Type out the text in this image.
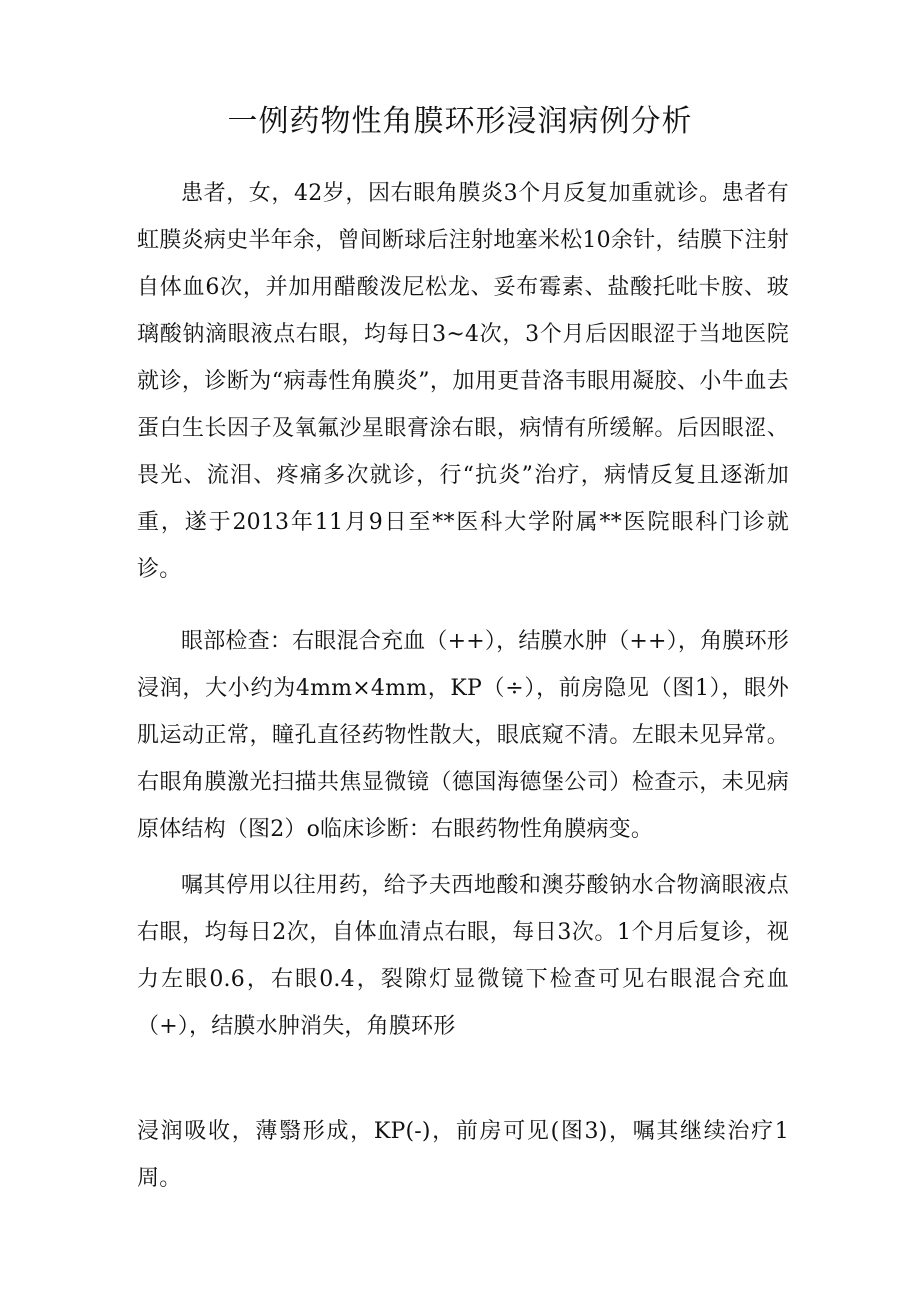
一例药物性角膜环形浸润病例分析

患者，女，42岁，因右眼角膜炎3个月反复加重就诊。患者有虹膜炎病史半年余，曾间断球后注射地塞米松10余针，结膜下注射自体血6次，并加用醋酸泼尼松龙、妥布霉素、盐酸托吡卡胺、玻璃酸钠滴眼液点右眼，均每日3~4次，3个月后因眼涩于当地医院就诊，诊断为“病毒性角膜炎”，加用更昔洛韦眼用凝胶、小牛血去蛋白生长因子及氧氟沙星眼膏涂右眼，病情有所缓解。后因眼涩、畏光、流泪、疼痛多次就诊，行“抗炎”治疗，病情反复且逐渐加重，遂于2013年11月9日至**医科大学附属**医院眼科门诊就诊。

眼部检查：右眼混合充血（++），结膜水肿（++），角膜环形浸润，大小约为4mm×4mm，KP（÷），前房隐见（图1），眼外肌运动正常，瞳孔直径药物性散大，眼底窥不清。左眼未见异常。右眼角膜激光扫描共焦显微镜（德国海德堡公司）检查示，未见病原体结构（图2）o临床诊断：右眼药物性角膜病变。

嘱其停用以往用药，给予夫西地酸和澳芬酸钠水合物滴眼液点右眼，均每日2次，自体血清点右眼，每日3次。1个月后复诊，视力左眼0.6，右眼0.4，裂隙灯显微镜下检查可见右眼混合充血（+），结膜水肿消失，角膜环形

浸润吸收，薄翳形成，KP(-)，前房可见(图3)，嘱其继续治疗1周。
